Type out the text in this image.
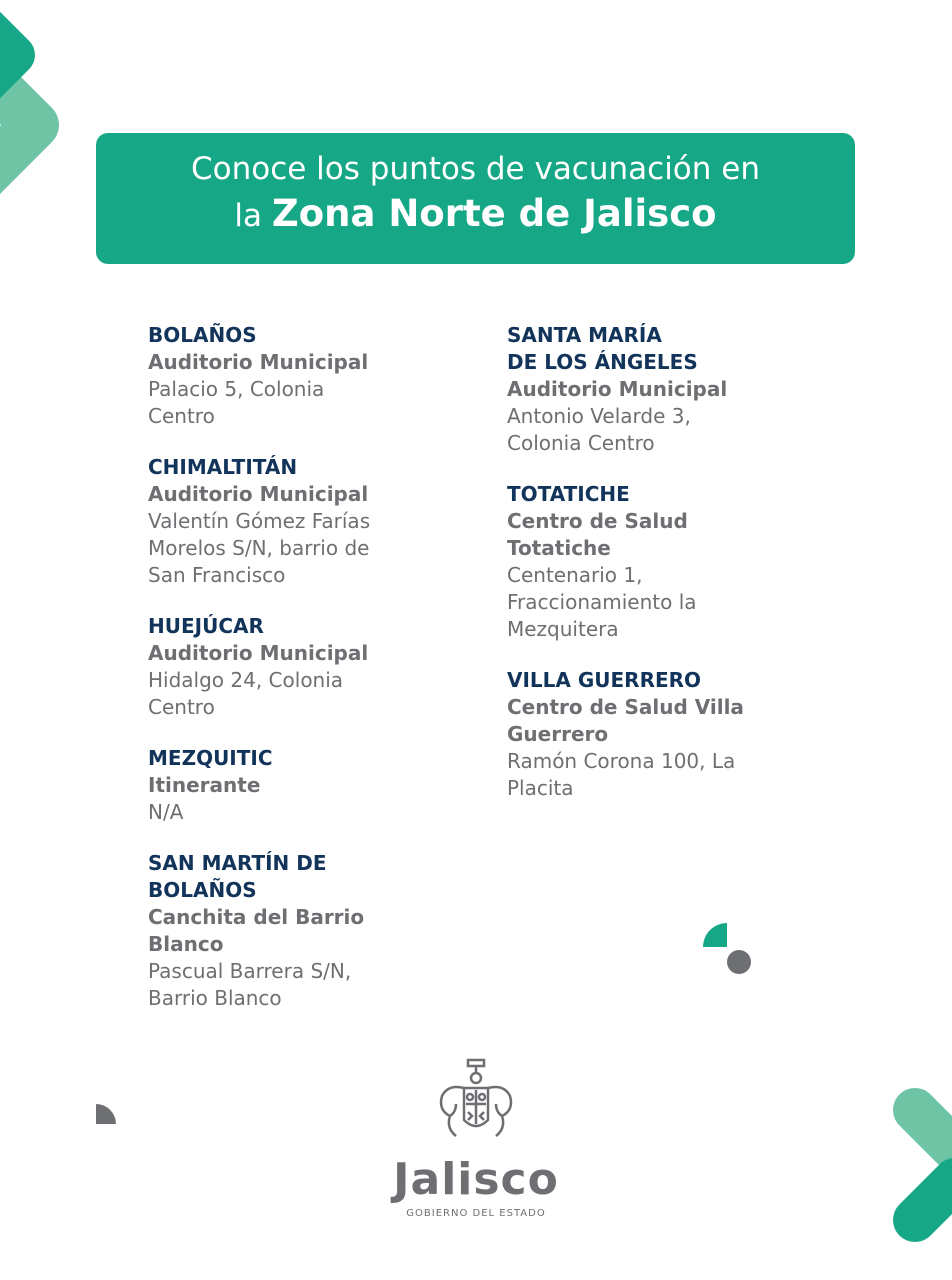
Conoce los puntos de vacunación en
la Zona Norte de Jalisco
BOLAÑOS
Auditorio Municipal
Palacio 5, Colonia
Centro
CHIMALTITÁN
Auditorio Municipal
Valentín Gómez Farías
Morelos S/N, barrio de
San Francisco
HUEJÚCAR
Auditorio Municipal
Hidalgo 24, Colonia
Centro
MEZQUITIC
Itinerante
N/A
SAN MARTÍN DE
BOLAÑOS
Canchita del Barrio
Blanco
Pascual Barrera S/N,
Barrio Blanco
SANTA MARÍA
DE LOS ÁNGELES
Auditorio Municipal
Antonio Velarde 3,
Colonia Centro
TOTATICHE
Centro de Salud
Totatiche
Centenario 1,
Fraccionamiento la
Mezquitera
VILLA GUERRERO
Centro de Salud Villa
Guerrero
Ramón Corona 100, La
Placita
Jalisco
GOBIERNO DEL ESTADO
